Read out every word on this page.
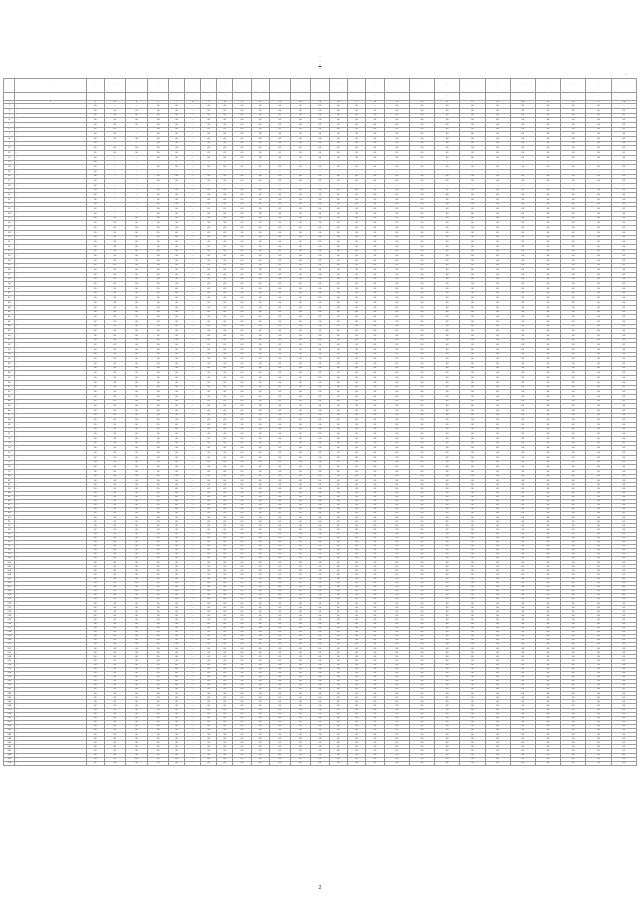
…
…
…
…
…
…	…	…	…	…	…	…	…	…	…	…	…	…	…	…	…	…	…	…	…	…	…	…	…	…	…	…	…
				…	…	…	…	…	…	…	…	…	…	…	…	…	…	…	…	…	…	…	…	…	…	…	…
1	2	3	4	5	6	7	8	9	10	11	12	13	14	15	16	17	18	19	20	21	22	23	24	25	26	27	28
1	…	00	—	—	00	00	—	00	00	00	00	00	00	00	00	00	—	00	00	00	00	00	00	00	00	00	—
2	…	00	00	00	00	00	—	00	00	00	00	00	00	00	00	00	00	00	00	00	00	00	00	00	00	00	00
3	…	00	00	00	00	00	—	00	00	00	00	00	00	00	00	00	00	00	00	00	00	00	00	00	00	00	00
4	…	00	00	00	00	00	—	00	00	00	00	00	00	00	00	00	00	00	00	00	00	00	00	00	00	00	00
5	…	00	00	00	00	00	—	00	00	00	00	00	00	00	00	00	00	00	00	00	00	00	00	00	00	00	00
6	…	00	00	—	00	00	—	00	00	00	00	00	00	00	00	00	00	00	00	00	00	00	00	00	00	00	00
7	…	00	00	—	00	00	—	00	00	00	00	00	00	00	00	00	00	00	00	00	00	00	00	00	00	00	00
8	…	00	00	00	00	00	—	00	00	00	00	00	00	00	00	00	00	00	00	00	00	00	00	00	00	00	00
9	…	00	—	—	00	00	—	00	00	00	00	00	00	00	00	00	00	00	00	00	00	00	00	00	00	00	00
10	…	00	00	00	00	00	—	00	00	00	00	00	00	00	00	00	00	00	00	00	00	00	00	00	00	00	00
11	…	00	00	00	00	00	—	00	00	00	00	00	00	00	00	00	00	00	00	00	00	00	00	00	00	00	00
12	…	00	—	—	00	00	—	00	00	00	00	00	00	00	00	00	00	00	00	00	00	00	00	00	00	00	00
13	…	00	—	—	—	—	—	—	—	—	—	—	—	—	—	—	—	—	—	—	—	—	—	—	—	—	—
14	…	00	—	—	00	00	—	00	00	00	00	00	00	00	00	00	00	00	00	00	00	00	00	00	00	00	00
15	…	00	—	—	—	—	—	—	—	—	—	—	—	—	—	—	—	—	—	—	—	—	—	—	—	—	—
16	…	00	—	—	00	00	—	00	00	00	00	00	00	00	00	00	00	00	00	00	00	00	00	00	00	00	00
17	…	00	—	—	00	00	—	00	00	00	00	00	00	00	00	00	00	00	00	00	00	00	00	00	00	00	00
18	…	00	—	—	—	—	—	—	—	—	—	—	—	—	—	—	—	—	—	—	—	—	—	—	—	—	—
19	…	00	—	—	00	00	—	00	00	00	00	00	00	00	00	00	00	00	00	00	00	00	00	00	00	00	00
20	…	00	—	—	00	00	—	00	00	00	00	00	00	00	00	00	00	00	00	00	00	00	00	00	00	00	00
21	…	00	—	—	00	00	—	00	00	00	00	00	00	00	00	00	00	00	00	00	00	00	00	00	00	00	00
22	…	00	—	—	00	00	—	00	00	00	00	00	00	00	00	00	00	00	00	00	00	00	00	00	00	00	00
23	…	00	—	—	00	00	—	00	00	00	00	00	00	00	00	00	00	00	00	00	00	00	00	00	00	00	00
24	…	00	—	—	00	00	—	00	00	00	00	00	00	00	00	00	00	00	00	00	00	00	00	00	00	00	00
25	…	00	00	00	00	00	—	00	00	00	00	00	00	00	00	00	00	00	00	00	00	00	00	00	00	00	00
26	…	00	00	00	00	00	—	00	00	00	00	00	00	00	00	00	00	00	00	00	00	00	00	00	00	00	00
27	…	00	00	00	00	00	—	00	00	00	00	00	00	00	00	00	00	00	00	00	00	00	00	00	00	00	00
28	…	00	00	00	00	00	—	00	00	00	00	00	00	00	00	00	00	00	00	00	00	00	00	00	00	00	00
29	…	00	00	00	00	00	—	00	00	00	00	00	00	00	00	00	00	00	00	00	00	00	00	00	00	00	00
30	…	00	00	00	00	00	—	00	00	00	00	00	00	00	00	00	00	00	00	00	00	00	00	00	00	00	00
31	…	00	00	00	00	00	—	00	00	00	00	00	00	00	00	00	00	00	00	00	00	00	00	00	00	00	00
32	…	00	00	00	00	00	—	00	00	00	00	00	00	00	00	00	00	00	00	00	00	00	00	00	00	00	00
33	…	00	00	00	00	00	—	00	00	00	00	00	00	00	00	00	00	00	00	00	00	00	00	00	00	00	00
34	…	00	00	00	00	00	—	00	00	00	00	00	00	00	00	00	00	00	00	00	00	00	00	00	00	00	00
35	…	00	00	00	00	00	—	00	00	00	00	00	00	00	00	00	00	00	00	00	00	00	00	00	00	00	00
36	…	00	00	00	00	00	—	00	00	00	00	00	00	00	00	00	00	00	00	00	00	00	00	00	00	00	00
37	…	00	00	00	00	00	—	00	00	00	00	00	00	00	00	00	00	00	00	00	00	00	00	00	00	00	00
38	…	00	00	00	00	00	—	00	00	00	00	00	00	00	00	00	00	00	00	00	00	00	00	00	00	00	00
39	…	00	00	00	00	00	—	00	00	00	00	00	00	00	00	00	00	00	00	00	00	00	00	00	00	00	00
40	…	00	00	00	00	00	—	00	00	00	00	00	00	00	00	00	00	00	00	00	00	00	00	00	00	00	00
41	…	00	00	00	00	00	—	00	00	00	00	00	00	00	00	00	00	00	00	00	00	00	00	00	00	00	00
42	…	00	00	00	00	00	—	00	00	00	00	00	00	00	00	00	00	00	00	00	00	00	00	00	00	00	00
43	…	00	00	00	00	00	—	00	00	00	00	00	00	00	00	00	00	00	00	00	00	00	00	00	00	00	00
44	…	00	00	00	00	00	—	00	00	00	00	00	00	00	00	00	00	00	00	00	00	00	00	00	00	00	00
45	…	00	00	00	00	00	—	00	00	00	00	00	00	00	00	00	00	00	00	00	00	00	00	00	00	00	00
46	…	00	00	00	00	00	—	00	00	00	00	00	00	00	00	00	00	00	00	00	00	00	00	00	00	00	00
47	…	00	00	00	00	00	—	00	00	00	00	00	00	00	00	00	00	00	00	00	00	00	00	00	00	00	00
48	…	00	00	00	00	00	—	00	00	00	00	00	00	00	00	00	00	00	00	00	00	00	00	00	00	00	00
49	…	00	00	00	00	00	—	00	00	00	00	00	00	00	00	00	00	00	00	00	00	00	00	00	00	00	00
50	…	00	00	00	00	00	—	00	00	00	00	00	00	00	00	00	00	00	00	00	00	00	00	00	00	00	00
51	…	00	00	00	00	00	—	00	00	00	00	00	00	00	00	00	00	00	00	00	00	00	00	00	00	00	00
52	…	00	00	00	00	00	—	00	00	00	00	00	00	00	00	00	00	00	00	00	00	00	00	00	00	00	00
53	…	00	00	00	00	00	—	00	00	00	00	00	00	00	00	00	00	00	00	00	00	00	00	00	00	00	00
54	…	00	00	00	00	00	—	00	00	00	00	00	00	00	00	00	00	00	00	00	00	00	00	00	00	00	00
55	…	00	00	00	00	00	—	00	00	00	00	00	00	00	00	00	00	00	00	00	00	00	00	00	00	00	00
56	…	00	00	00	00	00	—	00	00	00	00	00	00	00	00	00	00	00	00	00	00	00	00	00	00	00	00
57	…	00	00	00	00	00	—	00	00	00	00	00	00	00	00	00	00	00	00	00	00	00	00	00	00	00	00
58	…	00	00	00	00	00	—	00	00	00	00	00	00	00	00	00	00	00	00	00	00	00	00	00	00	00	00
59	…	00	00	00	00	00	—	00	00	00	00	00	00	00	00	00	00	00	00	00	00	00	00	00	00	00	00
60	…	00	00	00	00	00	—	00	00	00	00	00	00	00	00	00	00	00	00	00	00	00	00	00	00	00	00
61	…	00	00	00	00	00	—	00	00	00	00	00	00	00	00	00	00	00	00	00	00	00	00	00	00	00	00
62	…	00	00	00	00	00	—	00	00	00	00	00	00	00	00	00	00	00	00	00	00	00	00	00	00	00	00
63	…	00	00	00	00	00	—	00	00	00	00	00	00	00	00	00	00	00	00	00	00	00	00	00	00	00	00
64	…	00	00	00	00	00	—	00	00	00	00	00	00	00	00	00	00	00	00	00	00	00	00	00	00	00	00
65	…	00	00	00	00	00	—	00	00	00	00	00	00	00	00	00	00	00	00	00	00	00	00	00	00	00	00
66	…	00	00	00	00	00	—	00	00	00	00	00	00	00	00	00	00	00	00	00	00	00	00	00	00	00	00
67	…	00	00	00	00	00	—	00	00	00	00	00	00	00	00	00	00	00	00	00	00	00	00	00	00	00	00
68	…	00	00	00	00	00	—	00	00	00	00	00	00	00	00	00	00	00	00	00	00	00	00	00	00	00	00
69	…	00	00	00	00	00	—	00	00	00	00	00	00	00	00	00	00	00	00	00	00	00	00	00	00	00	00
70	…	00	00	00	00	00	—	00	00	00	00	00	00	00	00	00	00	00	00	00	00	00	00	00	00	00	00
71	…	00	00	00	00	00	—	00	00	00	00	00	00	00	00	00	00	00	00	00	00	00	00	00	00	00	00
72	…	00	00	00	00	00	—	00	00	00	00	00	00	00	00	00	00	00	00	00	00	00	00	00	00	00	00
73	…	00	00	00	00	00	—	00	00	00	00	00	00	00	00	00	00	00	00	00	00	00	00	00	00	00	00
74	…	00	00	00	00	00	—	00	00	00	00	00	00	00	00	00	00	00	00	00	00	00	00	00	00	00	00
75	…	00	00	00	00	00	—	00	00	00	00	00	00	00	00	00	00	00	00	00	00	00	00	00	00	00	00
76	…	00	00	00	00	00	—	00	00	00	00	00	00	00	00	00	00	00	00	00	00	00	00	00	00	00	00
77	…	00	00	00	00	00	—	00	00	00	00	00	00	00	00	00	00	00	00	00	00	00	00	00	00	00	00
78	…	00	00	00	00	00	—	00	00	00	00	00	00	00	00	00	00	00	00	00	00	00	00	00	00	00	00
79	…	00	00	00	00	00	—	00	00	00	00	00	00	00	00	00	00	00	00	00	00	00	00	00	00	00	00
80	…	00	00	00	00	00	—	00	00	00	00	00	00	00	00	00	00	00	00	00	00	00	00	00	00	00	00
81	…	00	00	00	00	00	—	00	00	00	00	00	00	00	00	00	00	00	00	00	00	00	00	00	00	00	00
82	…	00	00	00	00	00	—	00	00	00	00	00	00	00	00	00	00	00	00	00	00	00	00	00	00	00	00
83	…	00	00	00	00	00	—	00	00	00	00	00	00	00	00	00	00	00	00	00	00	00	00	00	00	00	00
84	…	00	00	00	00	00	—	00	00	00	00	00	00	00	00	00	00	00	00	00	00	00	00	00	00	00	00
85	…	00	00	00	00	00	—	00	00	00	00	00	00	00	00	00	00	00	00	00	00	00	00	00	00	00	00
86	…	00	00	00	00	00	—	00	00	00	00	00	00	00	00	00	00	00	00	00	00	00	00	00	00	00	00
87	…	00	00	00	00	00	—	00	00	00	00	00	00	00	00	00	00	00	00	00	00	00	00	00	00	00	00
88	…	00	00	00	00	00	—	00	00	00	00	00	00	00	00	00	00	00	00	00	00	00	00	00	00	00	00
89	…	00	00	00	00	00	—	00	00	00	00	00	00	00	00	00	00	00	00	00	00	00	00	00	00	00	00
90	…	00	00	00	00	00	—	00	00	00	00	00	00	00	00	00	00	00	00	00	00	00	00	00	00	00	00
91	…	00	00	00	00	00	—	00	00	00	00	00	00	00	00	00	00	00	00	00	00	00	00	00	00	00	00
92	…	00	00	00	00	00	—	00	00	00	00	00	00	00	00	00	00	00	00	00	00	00	00	00	00	00	00
93	…	00	00	00	00	00	—	00	00	00	00	00	00	00	00	00	00	00	00	00	00	00	00	00	00	00	00
94	…	00	00	00	00	00	—	00	00	00	00	00	00	00	00	00	00	00	00	00	00	00	00	00	00	00	00
95	…	00	00	00	00	00	—	00	00	00	00	00	00	00	00	00	00	00	00	00	00	00	00	00	00	00	00
96	…	00	00	00	00	00	—	00	00	00	00	00	00	00	00	00	00	00	00	00	00	00	00	00	00	00	00
97	…	00	00	00	00	00	—	00	00	00	00	00	00	00	00	00	00	00	00	00	00	00	00	00	00	00	00
98	…	00	00	00	00	00	—	00	00	00	00	00	00	00	00	00	00	00	00	00	00	00	00	00	00	00	00
99	…	00	00	00	00	00	—	00	00	00	00	00	00	00	00	00	00	00	00	00	00	00	00	00	00	00	00
100	…	00	00	00	00	00	—	00	00	00	00	00	00	00	00	00	00	00	00	00	00	00	00	00	00	00	00
101	…	00	00	00	00	00	—	00	00	00	00	00	00	00	00	00	00	00	00	00	00	00	00	00	00	00	00
102	…	00	00	00	00	00	—	00	00	00	00	00	00	00	00	00	00	00	00	00	00	00	00	00	00	00	00
103	…	00	00	00	00	00	—	00	00	00	00	00	00	00	00	00	00	00	00	00	00	00	00	00	00	00	00
104	…	00	00	00	00	00	—	00	00	00	00	00	00	00	00	00	00	00	00	00	00	00	00	00	00	00	00
105	…	00	00	00	00	00	—	00	00	00	00	00	00	00	00	00	00	00	00	00	00	00	00	00	00	00	00
106	…	00	00	00	00	00	—	00	00	00	00	00	00	00	00	00	00	00	00	00	00	00	00	00	00	00	00
107	…	00	00	00	00	00	—	00	00	00	00	00	00	00	00	00	00	00	00	00	00	00	00	00	00	00	00
108	…	00	00	00	00	00	—	00	00	00	00	00	00	00	00	00	00	00	00	00	00	00	00	00	00	00	00
109	…	00	00	00	00	00	—	00	00	00	00	00	00	00	00	00	00	00	00	00	00	00	00	00	00	00	00
110	…	00	00	00	00	00	—	00	00	00	00	00	00	00	00	00	00	00	00	00	00	00	00	00	00	00	00
111	…	00	00	00	00	00	—	00	00	00	00	00	00	00	00	00	00	00	00	00	00	00	00	00	00	00	00
112	…	00	00	00	00	00	—	00	00	00	00	00	00	00	00	00	00	00	00	00	00	00	00	00	00	00	00
113	…	00	00	00	00	00	—	00	00	00	00	00	00	00	00	00	00	00	00	00	00	00	00	00	00	00	00
114	…	00	00	00	00	00	—	00	00	00	00	00	00	00	00	00	00	00	00	00	00	00	00	00	00	00	00
115	…	00	00	00	00	00	—	00	00	00	00	00	00	00	00	00	00	00	00	00	00	00	00	00	00	00	00
116	…	00	00	00	00	00	—	00	00	00	00	00	00	00	00	00	00	00	00	00	00	00	00	00	00	00	00
117	…	00	00	00	00	00	—	00	00	00	00	00	00	00	00	00	00	00	00	00	00	00	00	00	00	00	00
118	…	00	00	00	00	00	—	00	00	00	00	00	00	00	00	00	00	00	00	00	00	00	00	00	00	00	00
119	…	00	00	00	00	00	—	00	00	00	00	00	00	00	00	00	00	00	00	00	00	00	00	00	00	00	00
120	…	00	00	00	00	00	—	00	00	00	00	00	00	00	00	00	00	00	00	00	00	00	00	00	00	00	00
121	…	00	00	00	00	00	—	00	00	00	00	00	00	00	00	00	00	00	00	00	00	00	00	00	00	00	00
122	…	00	00	00	00	00	—	00	00	00	00	00	00	00	00	00	00	00	00	00	00	00	00	00	00	00	00
123	…	00	00	00	00	00	—	00	00	00	00	00	00	00	00	00	00	00	00	00	00	00	00	00	00	00	00
124	…	00	00	00	00	00	—	00	00	00	00	00	00	00	00	00	00	00	00	00	00	00	00	00	00	00	00
125	…	00	00	00	00	00	—	00	00	00	00	00	00	00	00	00	00	00	00	00	00	00	00	00	00	00	00
126	…	00	00	00	00	00	—	00	00	00	00	00	00	00	00	00	00	00	00	00	00	00	00	00	00	00	00
127	…	00	00	00	00	00	—	00	00	00	00	00	00	00	00	00	00	00	00	00	00	00	00	00	00	00	00
128	…	00	00	00	00	00	—	00	00	00	00	00	00	00	00	00	00	00	00	00	00	00	00	00	00	00	00
129	…	00	00	00	00	00	—	00	00	00	00	00	00	00	00	00	00	00	00	00	00	00	00	00	00	00	00
130	…	00	00	00	00	00	—	00	00	00	00	00	00	00	00	00	00	00	00	00	00	00	00	00	00	00	00
131	…	00	00	00	00	00	—	00	00	00	00	00	00	00	00	00	00	00	00	00	00	00	00	00	00	00	00
132	…	00	00	00	00	00	—	00	00	00	00	00	00	00	00	00	00	00	00	00	00	00	00	00	00	00	00
133	…	00	00	00	00	00	—	00	00	00	00	00	00	00	00	00	00	00	00	00	00	00	00	00	00	00	00
134	…	00	00	00	00	00	—	00	00	00	00	00	00	00	00	00	00	00	00	00	00	00	00	00	00	00	00
135	…	00	00	00	00	00	—	00	00	00	00	00	00	00	00	00	00	00	00	00	00	00	00	00	00	00	00
136	…	00	00	00	00	00	—	00	00	00	00	00	00	00	00	00	00	00	00	00	00	00	00	00	00	00	00
137	…	00	00	00	00	00	—	00	00	00	00	00	00	00	00	00	00	00	00	00	00	00	00	00	00	00	00
138	…	00	00	00	00	00	—	00	00	00	00	00	00	00	00	00	00	00	00	00	00	00	00	00	00	00	00
139	…	00	00	00	00	00	—	00	00	00	00	00	00	00	00	00	00	00	00	00	00	00	00	00	00	00	00
140	…	00	00	00	00	00	—	00	00	00	00	00	00	00	00	00	00	00	00	00	00	00	00	00	00	00	00
141	…	00	00	00	00	00	—	00	00	00	00	00	00	00	00	00	00	00	00	00	00	00	00	00	00	00	00
142	…	00	00	00	00	00	—	00	00	00	00	00	00	00	00	00	00	00	00	00	00	00	00	00	00	00	00
143	…	00	00	00	00	00	—	00	00	00	00	00	00	00	00	00	00	00	00	00	00	00	00	00	00	00	00
144	…	00	00	00	00	00	—	00	00	00	00	00	00	00	00	00	00	00	00	00	00	00	00	00	00	00	00
145	…	00	00	00	00	00	—	00	00	00	00	00	00	00	00	00	00	00	00	00	00	00	00	00	00	00	00
146	…	00	00	00	00	00	—	00	00	00	00	00	00	00	00	00	00	00	00	00	00	00	00	00	00	00	00
147	…	00	00	00	00	00	—	00	00	00	00	00	00	00	00	00	00	00	00	00	00	00	00	00	00	00	00
148	…	00	00	00	00	00	—	00	00	00	00	00	00	00	00	00	00	00	00	00	00	00	00	00	00	00	00
149	…	00	00	00	00	00	—	00	00	00	00	00	00	00	00	00	00	00	00	00	00	00	00	00	00	00	00
150	…	00	00	00	00	00	—	00	00	00	00	00	00	00	00	00	00	00	00	00	00	00	00	00	00	00	00
2
